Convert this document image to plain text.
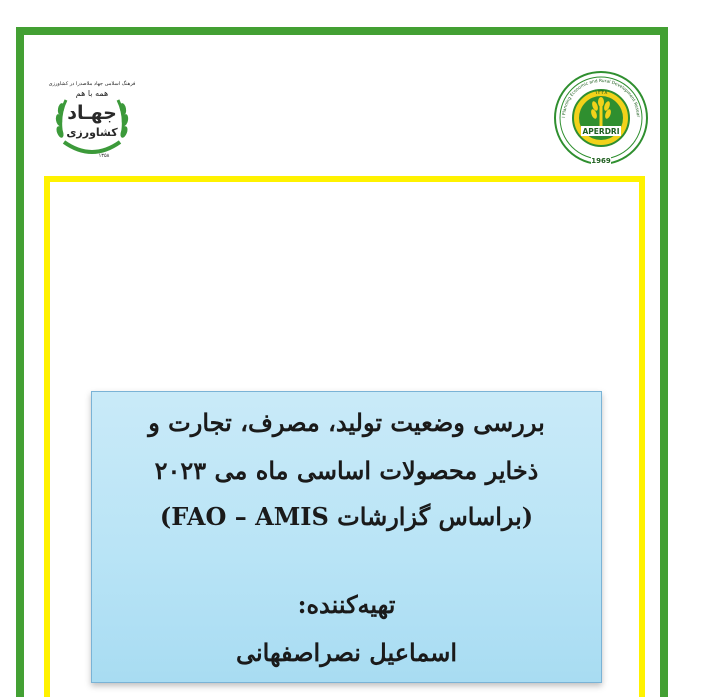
فرهنگ اسلامی جهاد ملاصدرا در کشاورزی
همه با هم
جهـاد
کشاورزی
۱۳۵۸
l Planning Economic and Rural Development Resear
۱۳۴۸
APERDRI
1969
بررسی وضعیت تولید، مصرف، تجارت و
ذخایر محصولات اساسی ماه می ۲۰۲۳
(براساس گزارشات FAO – AMIS)
تهیه‌کننده:
اسماعیل نصراصفهانی
